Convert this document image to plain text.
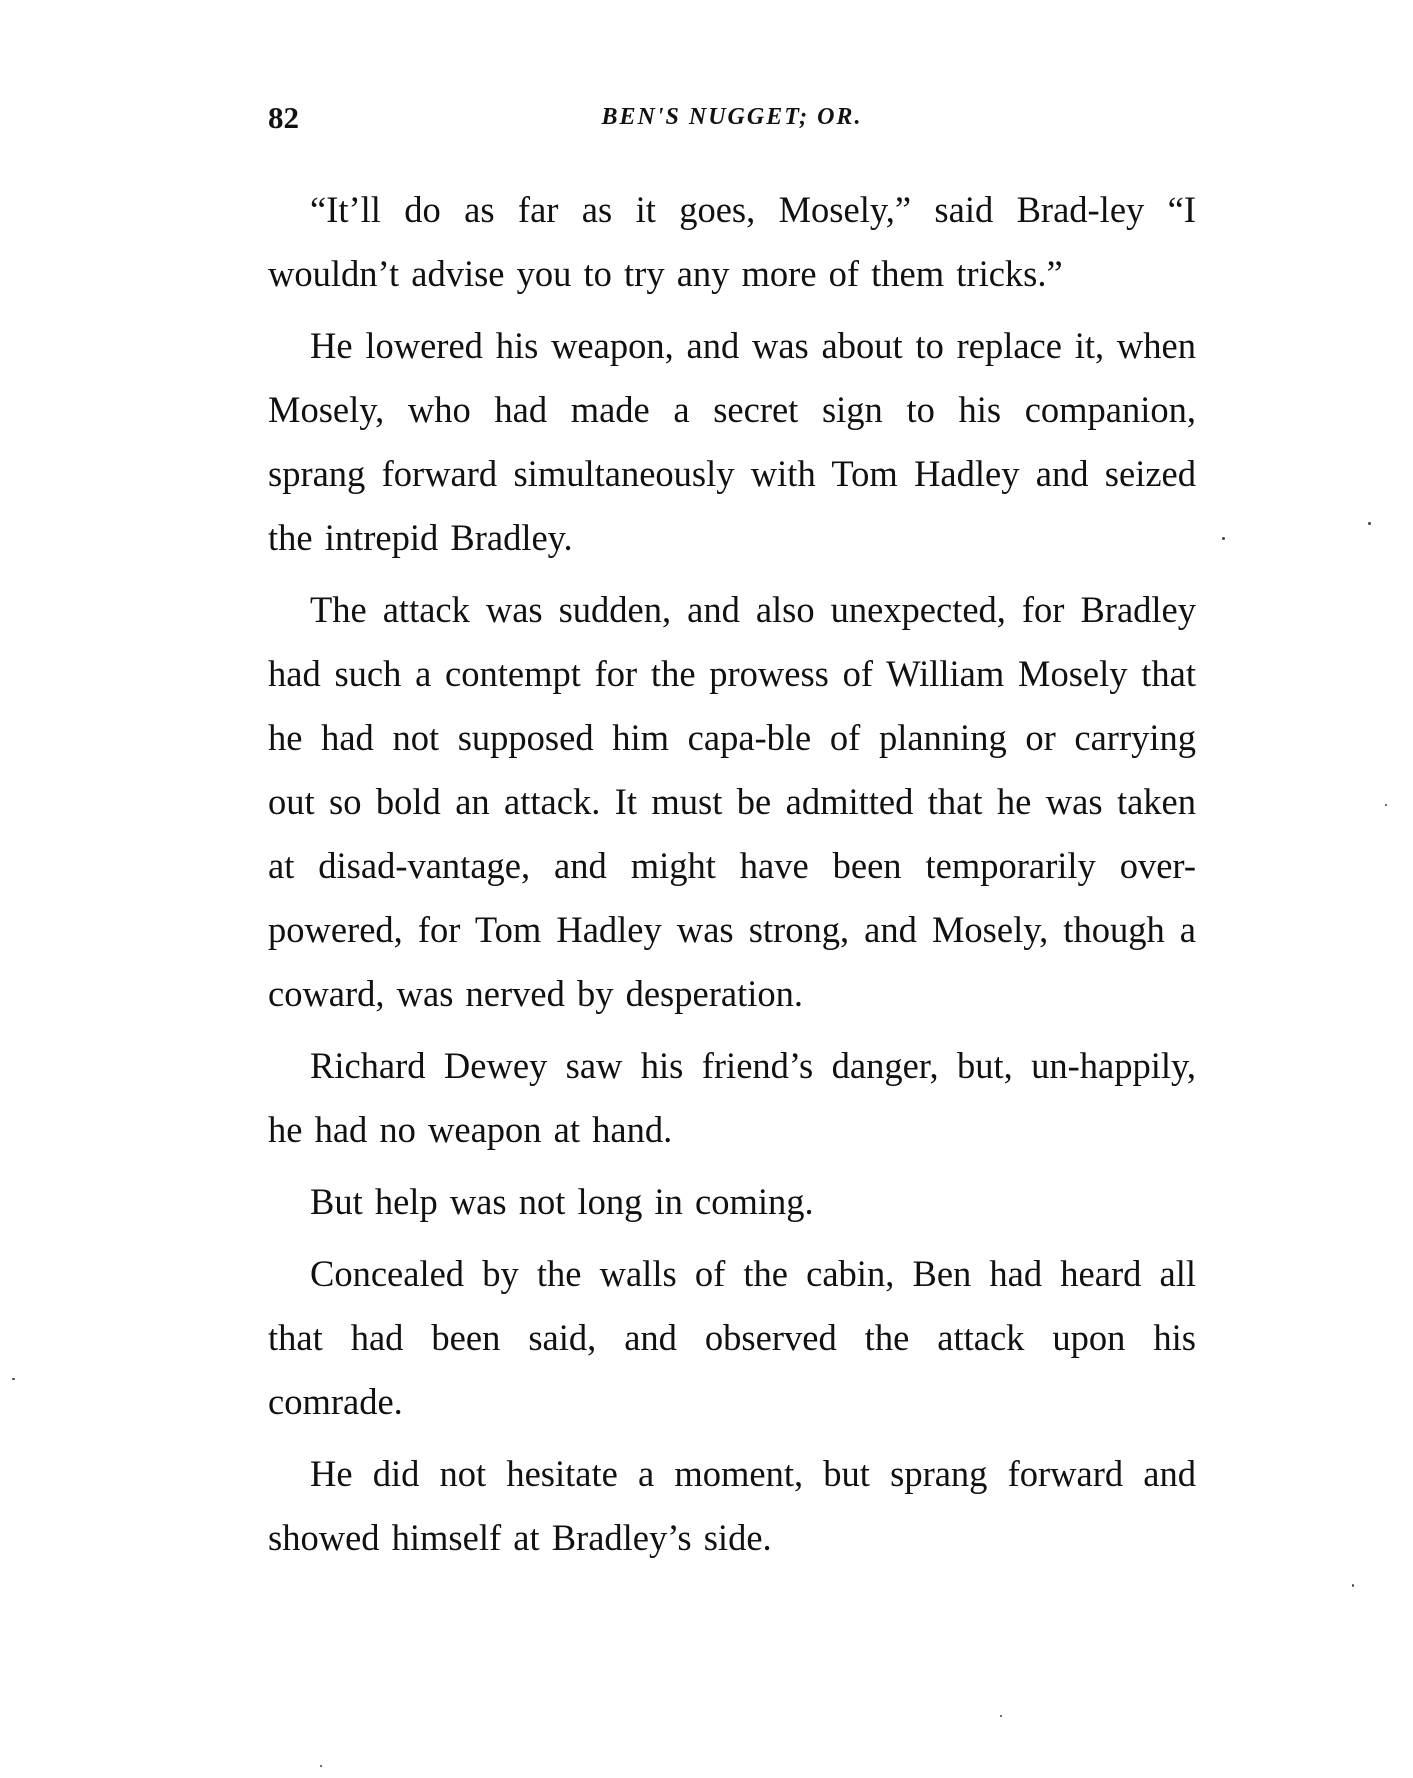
82	BEN'S NUGGET; OR.

“It’ll do as far as it goes, Mosely,” said Brad-ley “I wouldn’t advise you to try any more of them tricks.”

He lowered his weapon, and was about to replace it, when Mosely, who had made a secret sign to his companion, sprang forward simultaneously with Tom Hadley and seized the intrepid Bradley.

The attack was sudden, and also unexpected, for Bradley had such a contempt for the prowess of William Mosely that he had not supposed him capa-ble of planning or carrying out so bold an attack. It must be admitted that he was taken at disad-vantage, and might have been temporarily over-powered, for Tom Hadley was strong, and Mosely, though a coward, was nerved by desperation.

Richard Dewey saw his friend’s danger, but, un-happily, he had no weapon at hand.

But help was not long in coming.

Concealed by the walls of the cabin, Ben had heard all that had been said, and observed the attack upon his comrade.

He did not hesitate a moment, but sprang forward and showed himself at Bradley’s side.
